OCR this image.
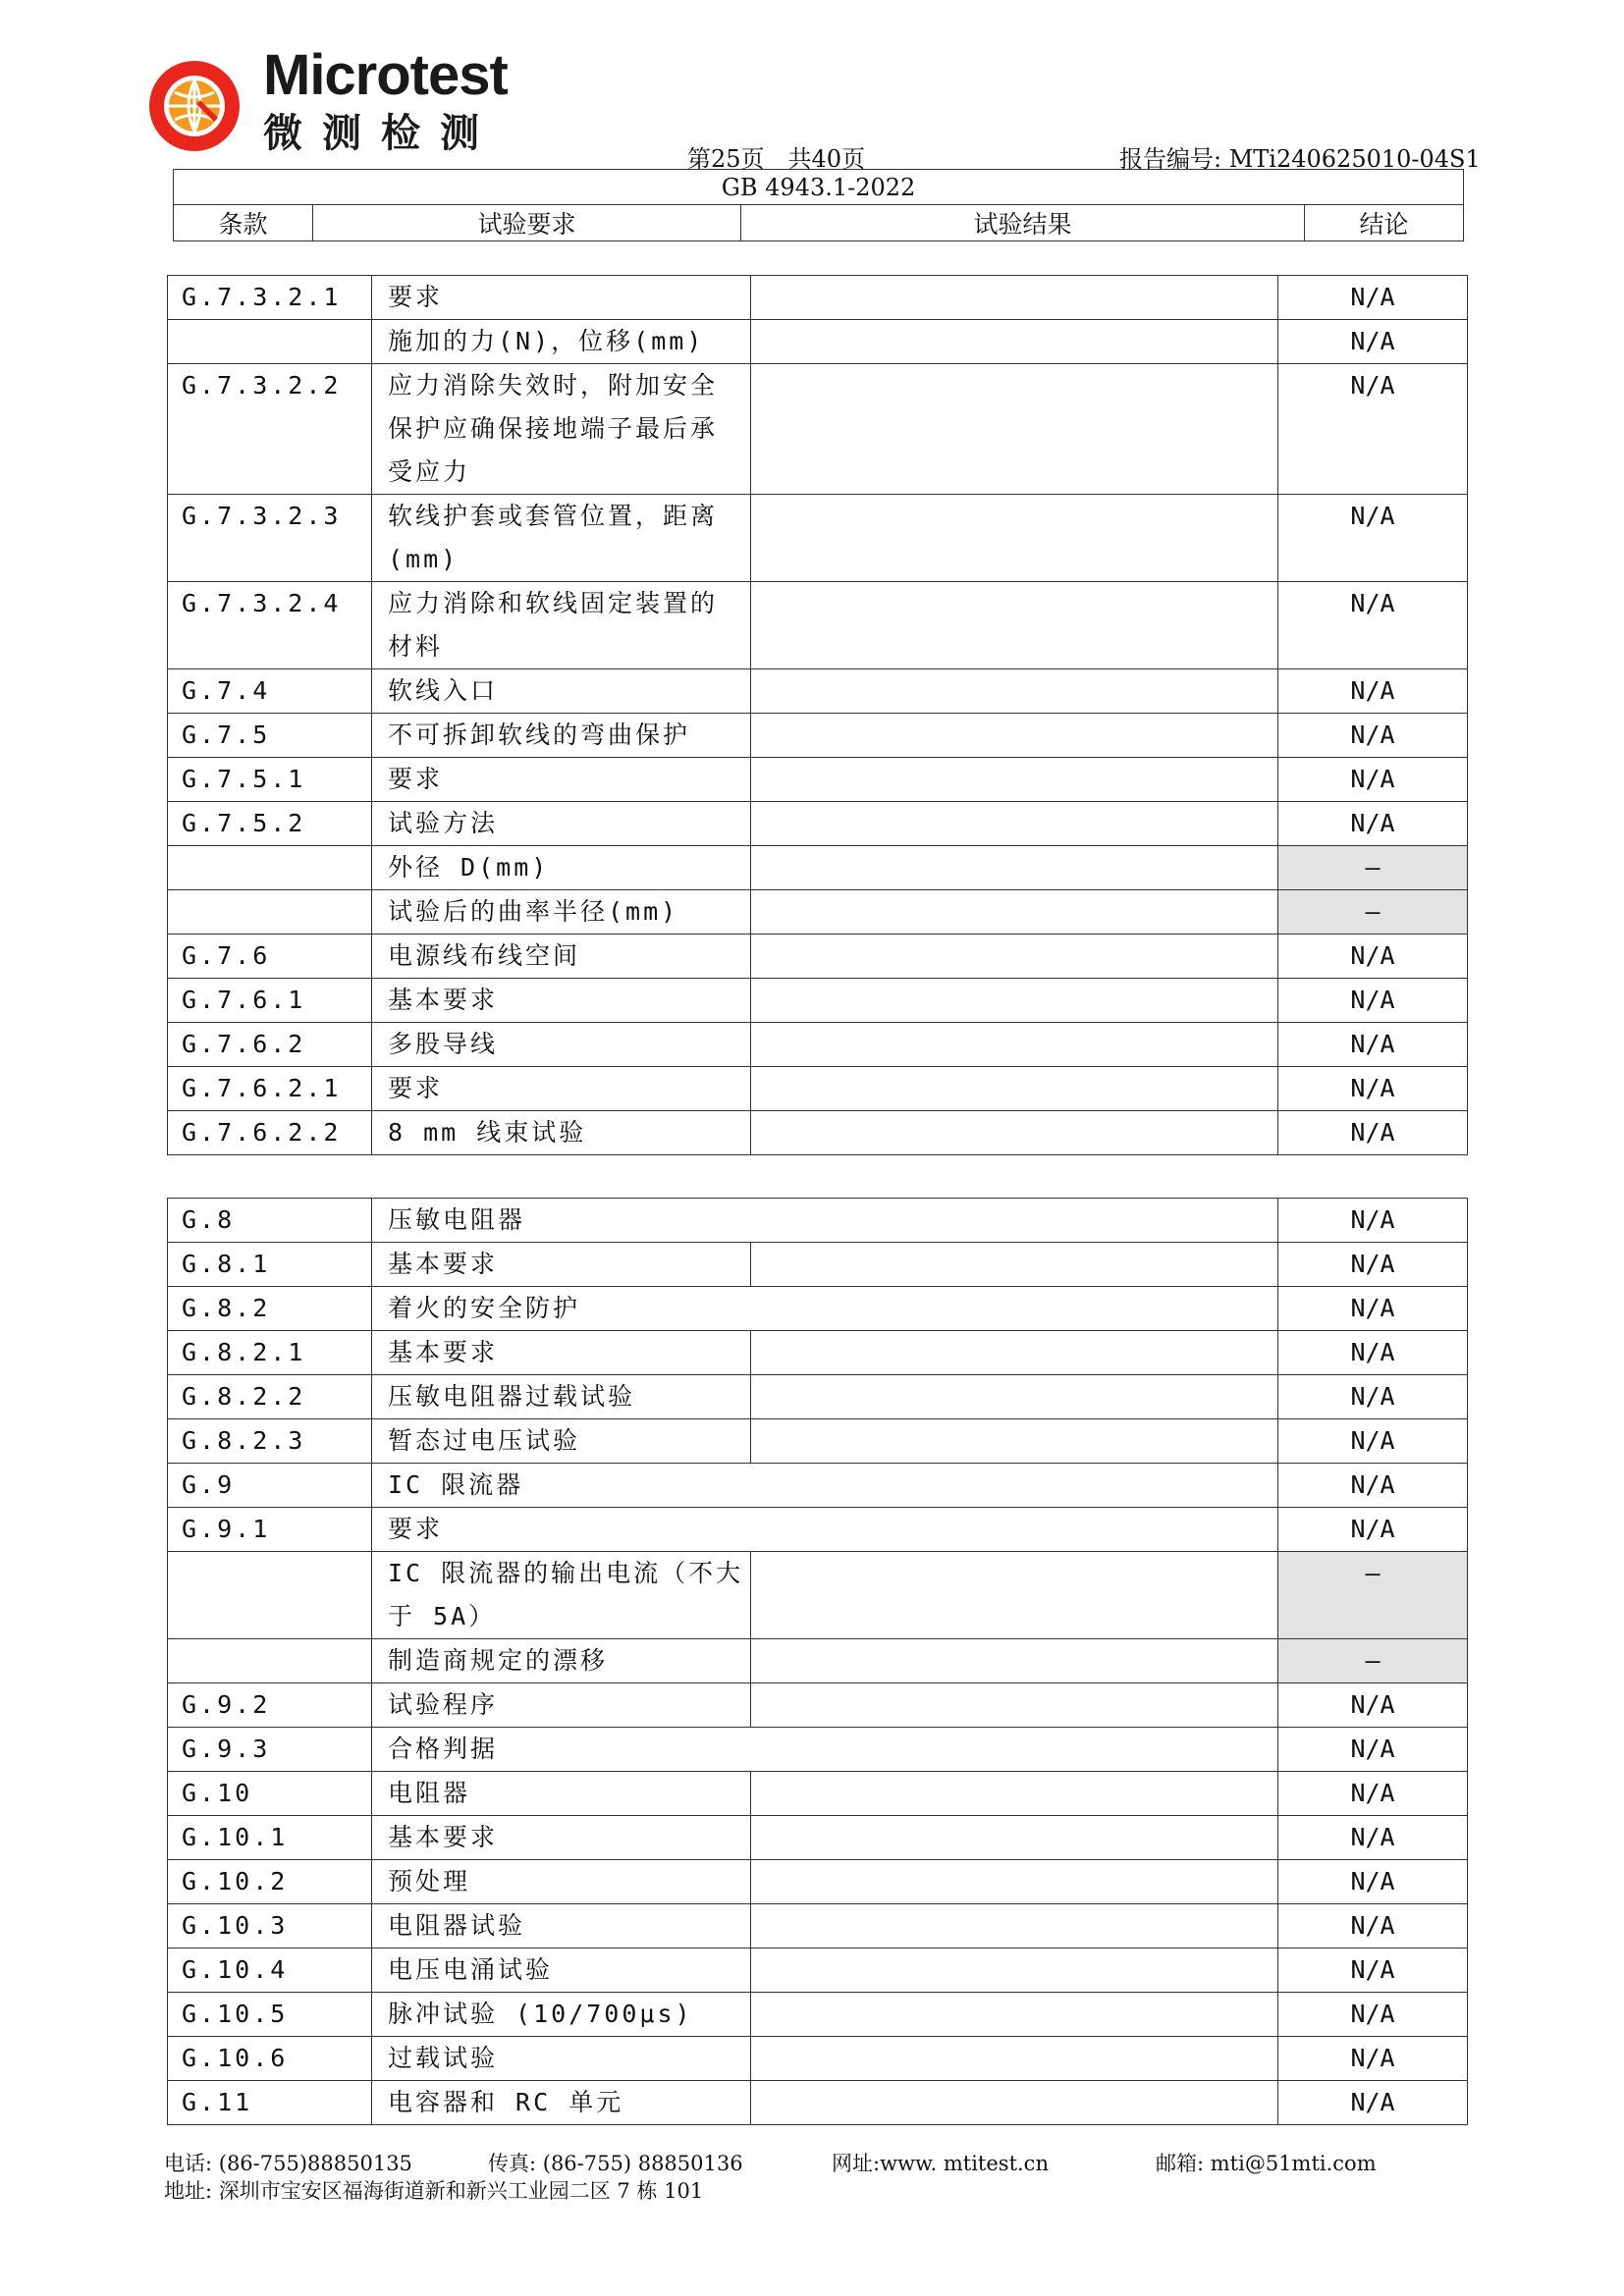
Microtest
微测检测
第25页　共40页	报告编号: MTi240625010-04S1
GB 4943.1-2022
条款	试验要求	试验结果	结论
G.7.3.2.1	要求		N/A
	施加的力(N)，位移(mm)		N/A
G.7.3.2.2	应力消除失效时，附加安全保护应确保接地端子最后承受应力		N/A
G.7.3.2.3	软线护套或套管位置，距离(mm)		N/A
G.7.3.2.4	应力消除和软线固定装置的材料		N/A
G.7.4	软线入口		N/A
G.7.5	不可拆卸软线的弯曲保护		N/A
G.7.5.1	要求		N/A
G.7.5.2	试验方法		N/A
	外径 D(mm)		—
	试验后的曲率半径(mm)		—
G.7.6	电源线布线空间		N/A
G.7.6.1	基本要求		N/A
G.7.6.2	多股导线		N/A
G.7.6.2.1	要求		N/A
G.7.6.2.2	8 mm 线束试验		N/A
G.8	压敏电阻器		N/A
G.8.1	基本要求		N/A
G.8.2	着火的安全防护		N/A
G.8.2.1	基本要求		N/A
G.8.2.2	压敏电阻器过载试验		N/A
G.8.2.3	暂态过电压试验		N/A
G.9	IC 限流器		N/A
G.9.1	要求		N/A
	IC 限流器的输出电流（不大于 5A）		—
	制造商规定的漂移		—
G.9.2	试验程序		N/A
G.9.3	合格判据		N/A
G.10	电阻器		N/A
G.10.1	基本要求		N/A
G.10.2	预处理		N/A
G.10.3	电阻器试验		N/A
G.10.4	电压电涌试验		N/A
G.10.5	脉冲试验 (10/700μs)		N/A
G.10.6	过载试验		N/A
G.11	电容器和 RC 单元		N/A
电话: (86-755)88850135	传真: (86-755) 88850136	网址:www. mtitest.cn	邮箱: mti@51mti.com
地址: 深圳市宝安区福海街道新和新兴工业园二区 7 栋 101
